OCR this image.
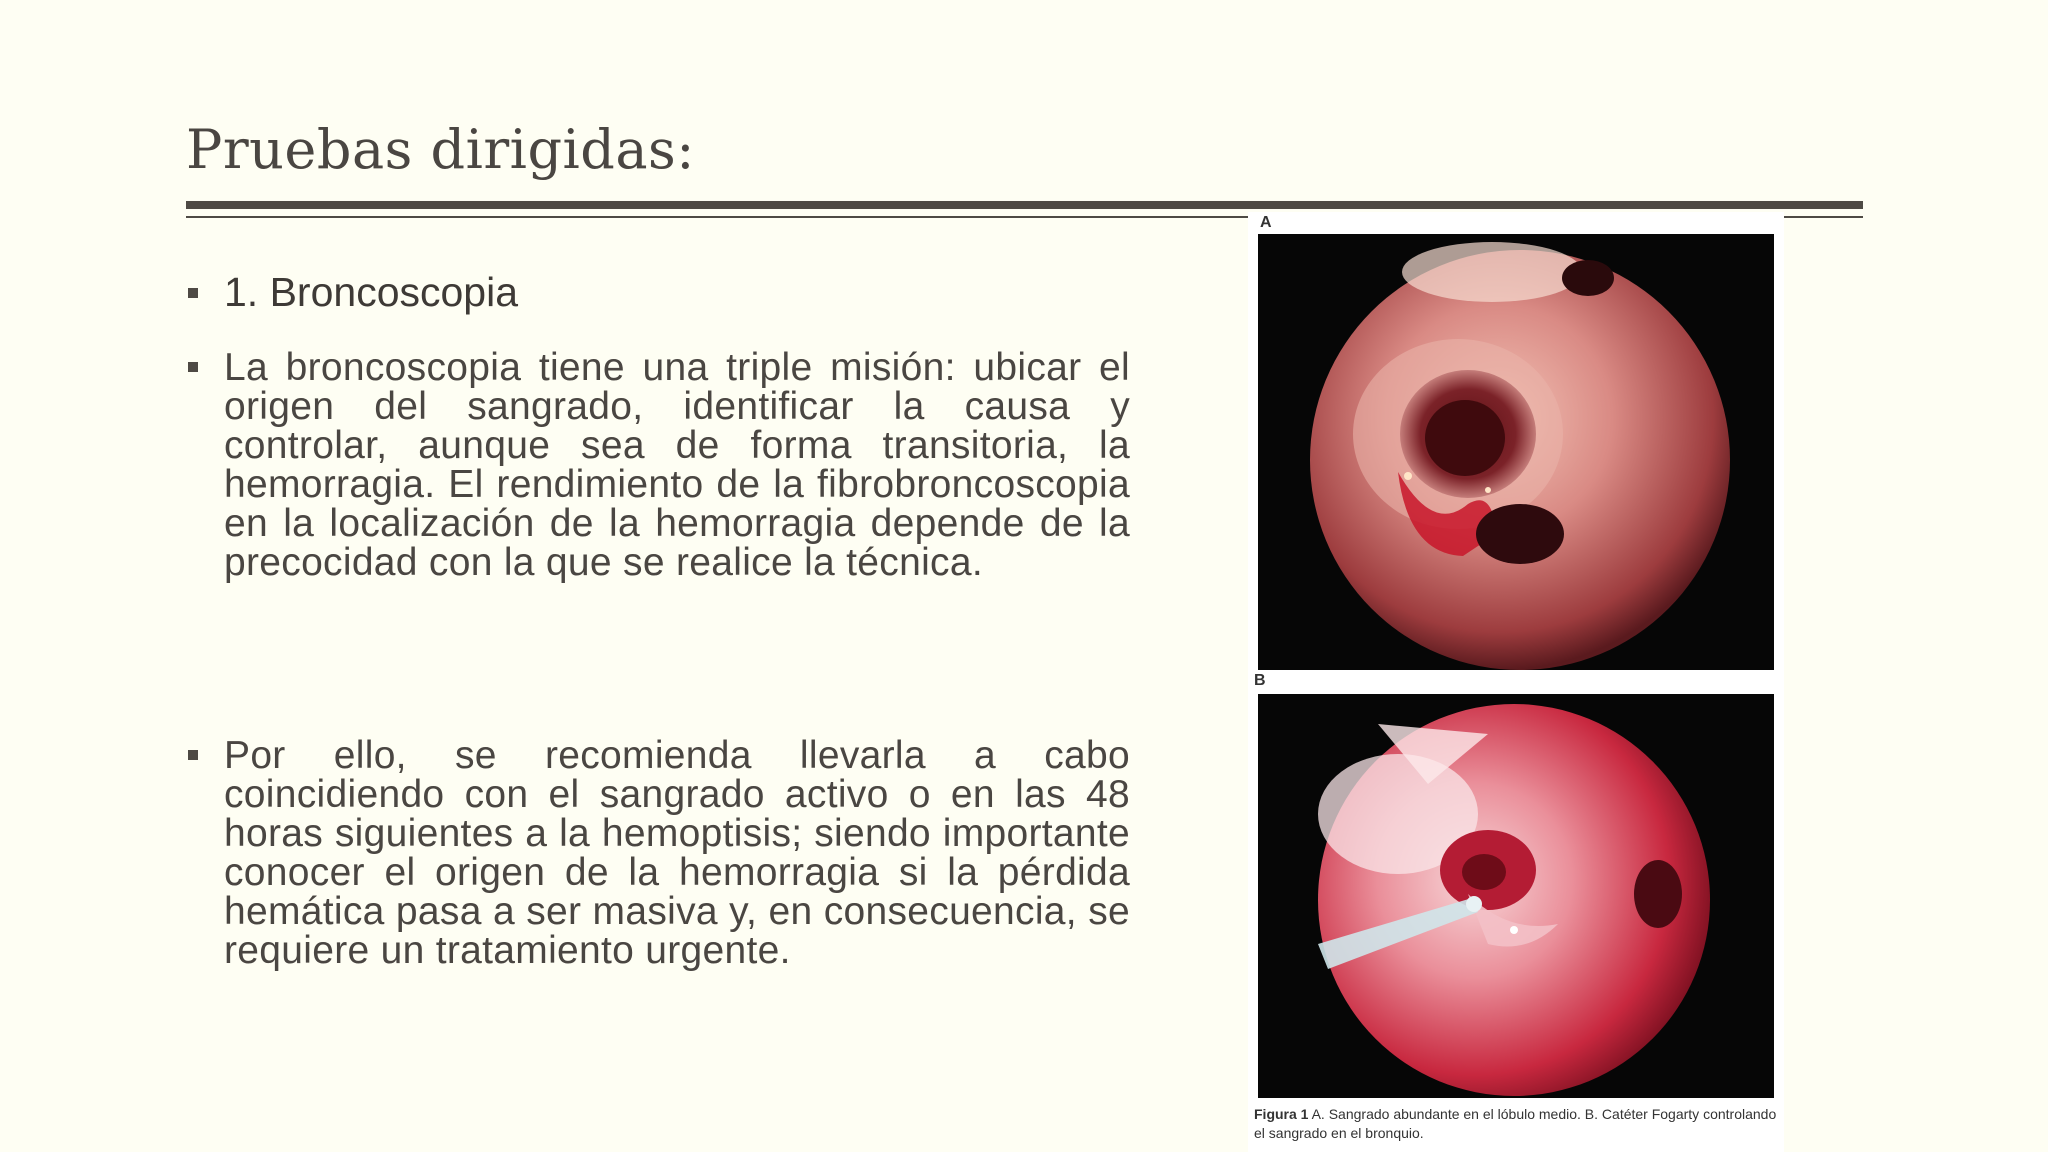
Pruebas dirigidas:
1. Broncoscopia
La broncoscopia tiene una triple misión: ubicar el origen del sangrado, identificar la causa y controlar, aunque sea de forma transitoria, la hemorragia. El rendimiento de la fibrobroncoscopia en la localización de la hemorragia depende de la precocidad con la que se realice la técnica.
Por ello, se recomienda llevarla a cabo coincidiendo con el sangrado activo o en las 48 horas siguientes a la hemoptisis; siendo importante conocer el origen de la hemorragia si la pérdida hemática pasa a ser masiva y, en consecuencia, se requiere un tratamiento urgente.
A
B
Figura 1 A. Sangrado abundante en el lóbulo medio. B. Catéter Fogarty controlando el sangrado en el bronquio.
